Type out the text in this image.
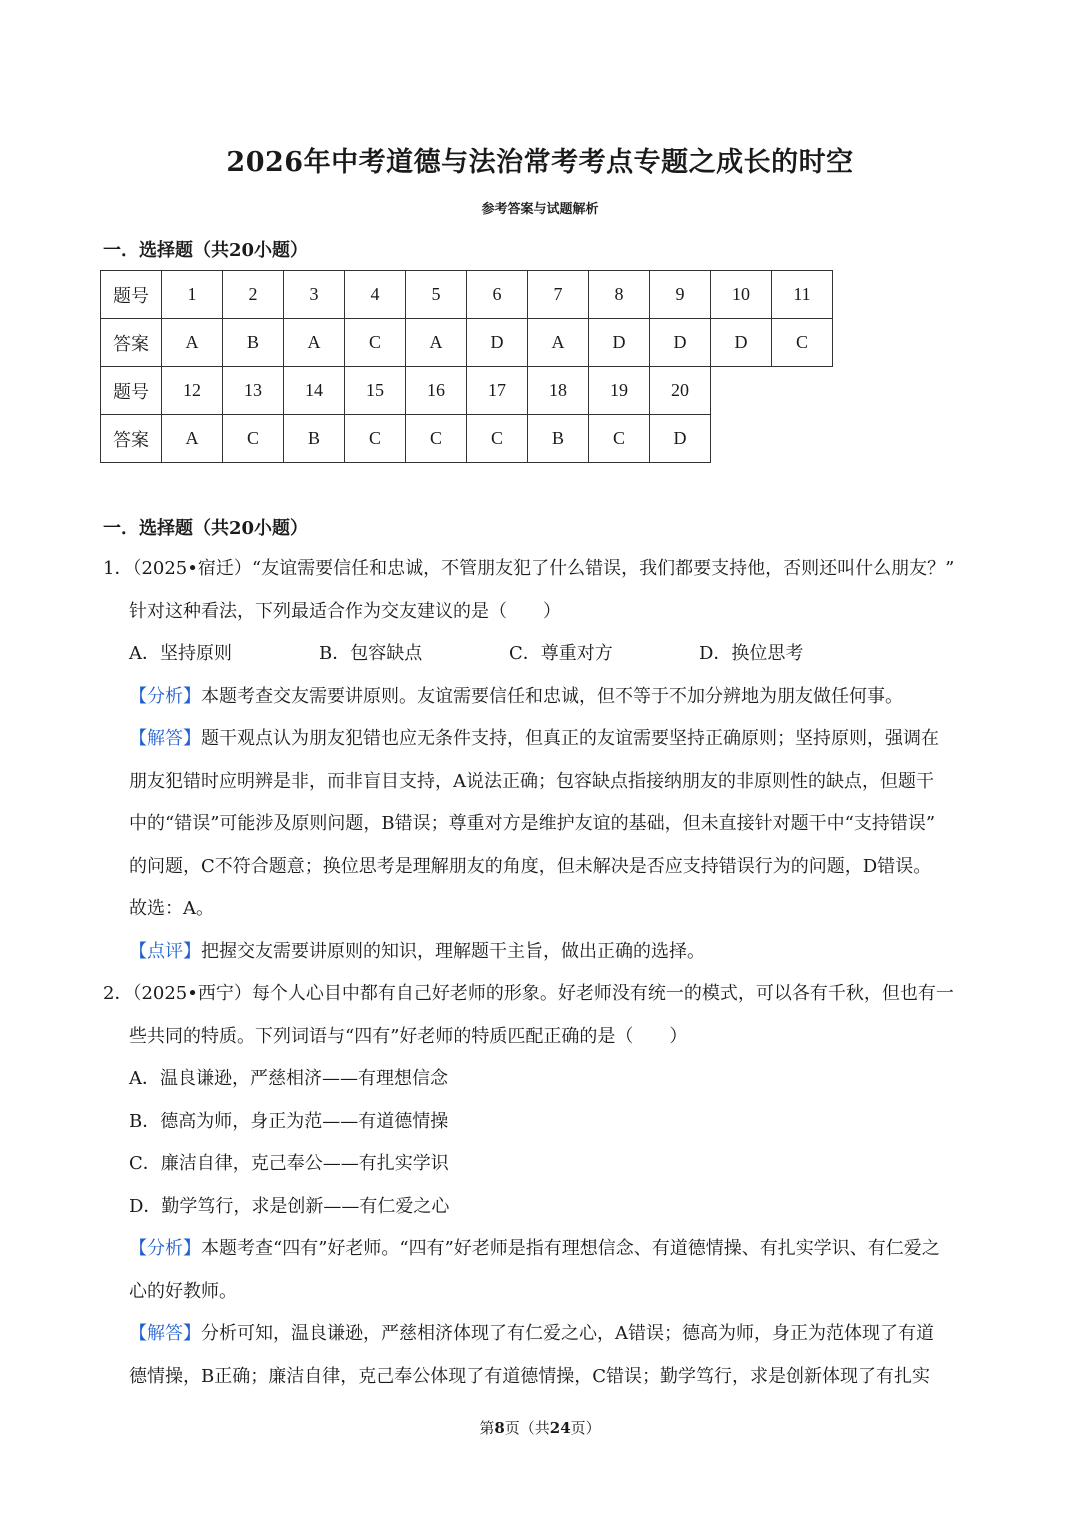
2026年中考道德与法治常考考点专题之成长的时空
参考答案与试题解析
一．选择题（共20小题）
题号	1	2	3	4	5	6	7	8	9	10	11
答案	A	B	A	C	A	D	A	D	D	D	C
题号	12	13	14	15	16	17	18	19	20		
答案	A	C	B	C	C	C	B	C	D		
一．选择题（共20小题）
1．（2025•宿迁）“友谊需要信任和忠诚，不管朋友犯了什么错误，我们都要支持他，否则还叫什么朋友？”
针对这种看法，下列最适合作为交友建议的是（　　）
A．坚持原则	B．包容缺点	C．尊重对方	D．换位思考
【分析】本题考查交友需要讲原则。友谊需要信任和忠诚，但不等于不加分辨地为朋友做任何事。
【解答】题干观点认为朋友犯错也应无条件支持，但真正的友谊需要坚持正确原则；坚持原则，强调在
朋友犯错时应明辨是非，而非盲目支持，A说法正确；包容缺点指接纳朋友的非原则性的缺点，但题干
中的“错误”可能涉及原则问题，B错误；尊重对方是维护友谊的基础，但未直接针对题干中“支持错误”
的问题，C不符合题意；换位思考是理解朋友的角度，但未解决是否应支持错误行为的问题，D错误。
故选：A。
【点评】把握交友需要讲原则的知识，理解题干主旨，做出正确的选择。
2．（2025•西宁）每个人心目中都有自己好老师的形象。好老师没有统一的模式，可以各有千秋，但也有一
些共同的特质。下列词语与“四有”好老师的特质匹配正确的是（　　）
A．温良谦逊，严慈相济——有理想信念
B．德高为师，身正为范——有道德情操
C．廉洁自律，克己奉公——有扎实学识
D．勤学笃行，求是创新——有仁爱之心
【分析】本题考查“四有”好老师。“四有”好老师是指有理想信念、有道德情操、有扎实学识、有仁爱之
心的好教师。
【解答】分析可知，温良谦逊，严慈相济体现了有仁爱之心，A错误；德高为师，身正为范体现了有道
德情操，B正确；廉洁自律，克己奉公体现了有道德情操，C错误；勤学笃行，求是创新体现了有扎实
第8页（共24页）
